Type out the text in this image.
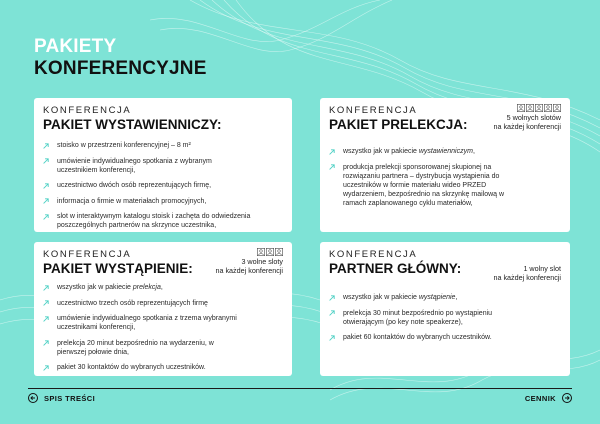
PAKIETY
KONFERENCYJNE
KONFERENCJA
PAKIET WYSTAWIENNICZY:
stoisko w przestrzeni konferencyjnej – 8 m²
umówienie indywidualnego spotkania z wybranym uczestnikiem konferencji,
uczestnictwo dwóch osób reprezentujących firmę,
informacja o firmie w materiałach promocyjnych,
slot w interaktywnym katalogu stoisk i zachęta do odwiedzenia poszczególnych partnerów na skrzynce uczestnika,
5 wolnych slotów
na każdej konferencji
KONFERENCJA
PAKIET PRELEKCJA:
wszystko jak w pakiecie wystawienniczym,
produkcja prelekcji sponsorowanej skupionej na rozwiązaniu partnera – dystrybucja wystąpienia do uczestników w formie materiału wideo PRZED wydarzeniem, bezpośrednio na skrzynkę mailową w ramach zaplanowanego cyklu materiałów,
3 wolne sloty
na każdej konferencji
KONFERENCJA
PAKIET WYSTĄPIENIE:
wszystko jak w pakiecie prelekcja,
uczestnictwo trzech osób reprezentujących firmę
umówienie indywidualnego spotkania z trzema wybranymi uczestnikami konferencji,
prelekcja 20 minut bezpośrednio na wydarzeniu, w pierwszej połowie dnia,
pakiet 30 kontaktów do wybranych uczestników.
1 wolny slot
na każdej konferencji
KONFERENCJA
PARTNER GŁÓWNY:
wszystko jak w pakiecie wystąpienie,
prelekcja 30 minut bezpośrednio po wystąpieniu otwierającym (po key note speakerze),
pakiet 60 kontaktów do wybranych uczestników.
SPIS TREŚCI	CENNIK
